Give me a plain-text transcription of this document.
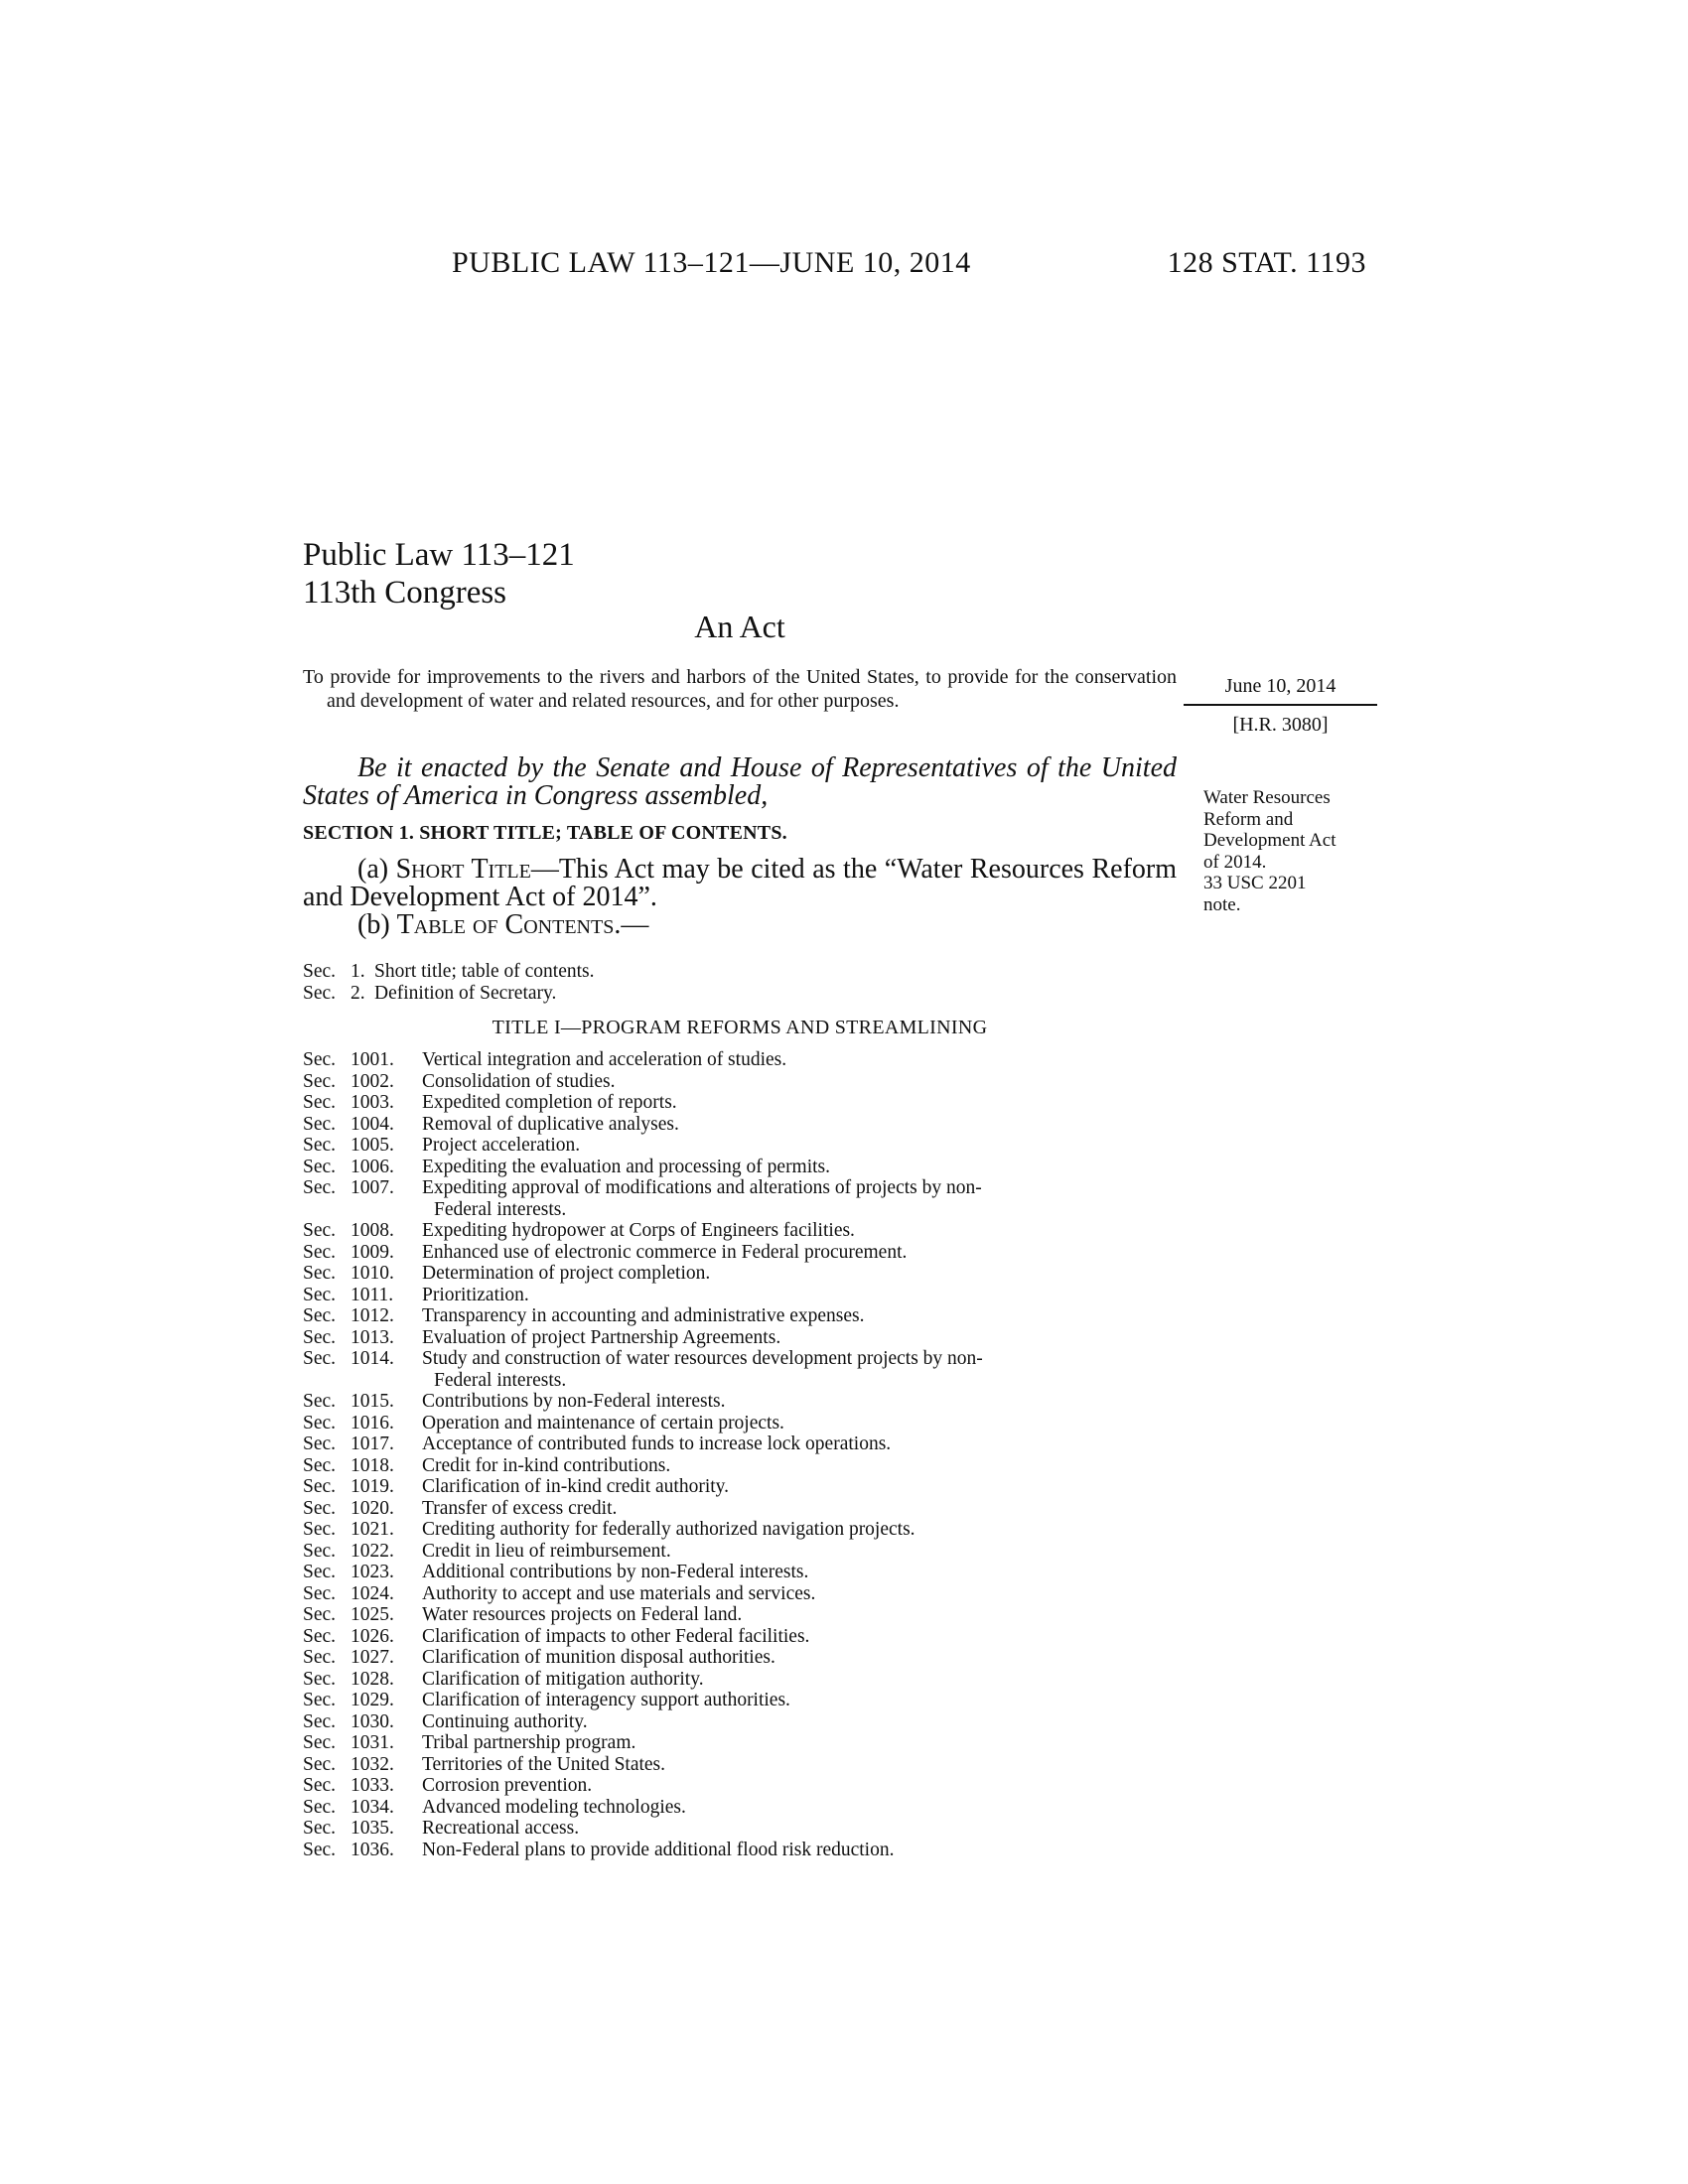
PUBLIC LAW 113–121—JUNE 10, 2014	128 STAT. 1193
Public Law 113–121
113th Congress
An Act
To provide for improvements to the rivers and harbors of the United States, to provide for the conservation and development of water and related resources, and for other purposes.
June 10, 2014
[H.R. 3080]
Be it enacted by the Senate and House of Representatives of the United States of America in Congress assembled,	Water Resources
Reform and
Development Act
of 2014.
33 USC 2201
note.
SECTION 1. SHORT TITLE; TABLE OF CONTENTS.
(a) Short Title—This Act may be cited as the “Water Resources Reform and Development Act of 2014”.
(b) Table of Contents.—
Sec. 1. Short title; table of contents.
Sec. 2. Definition of Secretary.
TITLE I—PROGRAM REFORMS AND STREAMLINING
Sec. 1001.	Vertical integration and acceleration of studies.
Sec. 1002.	Consolidation of studies.
Sec. 1003.	Expedited completion of reports.
Sec. 1004.	Removal of duplicative analyses.
Sec. 1005.	Project acceleration.
Sec. 1006.	Expediting the evaluation and processing of permits.
Sec. 1007.	Expediting approval of modifications and alterations of projects by non-
Federal interests.
Sec. 1008.	Expediting hydropower at Corps of Engineers facilities.
Sec. 1009.	Enhanced use of electronic commerce in Federal procurement.
Sec. 1010.	Determination of project completion.
Sec. 1011.	Prioritization.
Sec. 1012.	Transparency in accounting and administrative expenses.
Sec. 1013.	Evaluation of project Partnership Agreements.
Sec. 1014.	Study and construction of water resources development projects by non-
Federal interests.
Sec. 1015.	Contributions by non-Federal interests.
Sec. 1016.	Operation and maintenance of certain projects.
Sec. 1017.	Acceptance of contributed funds to increase lock operations.
Sec. 1018.	Credit for in-kind contributions.
Sec. 1019.	Clarification of in-kind credit authority.
Sec. 1020.	Transfer of excess credit.
Sec. 1021.	Crediting authority for federally authorized navigation projects.
Sec. 1022.	Credit in lieu of reimbursement.
Sec. 1023.	Additional contributions by non-Federal interests.
Sec. 1024.	Authority to accept and use materials and services.
Sec. 1025.	Water resources projects on Federal land.
Sec. 1026.	Clarification of impacts to other Federal facilities.
Sec. 1027.	Clarification of munition disposal authorities.
Sec. 1028.	Clarification of mitigation authority.
Sec. 1029.	Clarification of interagency support authorities.
Sec. 1030.	Continuing authority.
Sec. 1031.	Tribal partnership program.
Sec. 1032.	Territories of the United States.
Sec. 1033.	Corrosion prevention.
Sec. 1034.	Advanced modeling technologies.
Sec. 1035.	Recreational access.
Sec. 1036.	Non-Federal plans to provide additional flood risk reduction.
